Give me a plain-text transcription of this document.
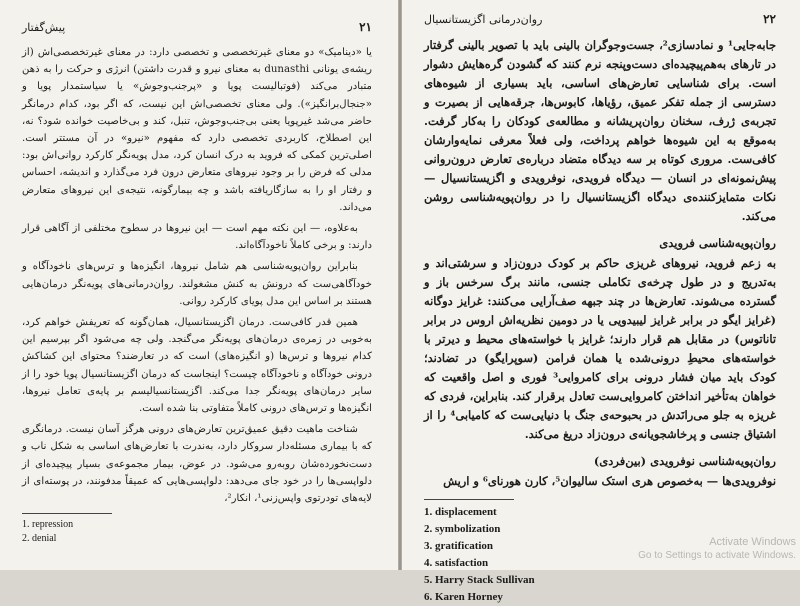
پیش‌گفتار	۲۱

یا «دینامیک» دو معنای غیرتخصصی و تخصصی دارد: در معنای غیرتخصصی‌اش (از ریشه‌ی یونانی dunasthi به معنای نیرو و قدرت داشتن) انرژی و حرکت را به ذهن متبادر می‌کند (فوتبالیست پویا و «پرجنب‌وجوش» یا سیاستمدار پویا و «جنجال‌برانگیز»). ولی معنای تخصصی‌اش این نیست، که اگر بود، کدام درمانگر حاضر می‌شد غیرپویا یعنی بی‌جنب‌وجوش، تنبل، کند و بی‌خاصیت خوانده شود؟ نه، این اصطلاح، کاربردی تخصصی دارد که مفهوم «نیرو» در آن مستتر است. اصلی‌ترین کمکی که فروید به درک انسان کرد، مدل پویه‌نگر کارکرد روانی‌اش بود: مدلی که فرض را بر وجود نیروهای متعارض درون فرد می‌گذارد و اندیشه، احساس و رفتار او را به سازگاریافته باشد و چه بیمارگونه، نتیجه‌ی این نیروهای متعارض می‌داند.

به‌علاوه، — این نکته مهم است — این نیروها در سطوح مختلفی از آگاهی قرار دارند: و برخی کاملاً ناخودآگاه‌اند.

بنابراین روان‌پویه‌شناسی هم شامل نیروها، انگیزه‌ها و ترس‌های ناخودآگاه و خودآگاهی‌ست که درونش به کنش مشغولند. روان‌درمانی‌های پویه‌نگر درمان‌هایی هستند بر اساس این مدل پویای کارکرد روانی.

همین قدر کافی‌ست. درمان اگزیستانسیال، همان‌گونه که تعریفش خواهم کرد، به‌خوبی در زمره‌ی درمان‌های پویه‌نگر می‌گنجد. ولی چه می‌شود اگر بپرسیم این کدام نیروها و ترس‌ها (و انگیزه‌های) است که در تعارضند؟ محتوای این کشاکش درونی خودآگاه و ناخودآگاه چیست؟ اینجاست که درمان اگزیستانسیال پویا خود را از سایر درمان‌های پویه‌نگر جدا می‌کند. اگزیستانسیالیسم بر پایه‌ی تعامل نیروها، انگیزه‌ها و ترس‌های درونی کاملاً متفاوتی بنا شده است.

شناخت ماهیت دقیق عمیق‌ترین تعارض‌های درونی هرگز آسان نیست. درمانگری که با بیماری مسئله‌دار سروکار دارد، به‌ندرت با تعارض‌های اساسی به شکل ناب و دست‌نخورده‌شان روبه‌رو می‌شود. در عوض، بیمار مجموعه‌ی بسیار پیچیده‌ای از دلواپسی‌ها را در خود جای می‌دهد: دلواپسی‌هایی که عمیقاً مدفونند، در پوسته‌ای از لایه‌های تودرتوی واپس‌زنی¹، انکار²،

1. repression
2. denial
روان‌درمانی اگزیستانسیال	۲۲

جابه‌جایی¹ و نمادسازی²، جست‌وجوگران بالینی باید با تصویر بالینی گرفتار در تارهای به‌هم‌پیچیده‌ای دست‌وپنجه نرم کنند که گشودن گره‌هایش دشوار است. برای شناسایی تعارض‌های اساسی، باید بسیاری از شیوه‌های دسترسی از جمله تفکر عمیق، رؤیاها، کابوس‌ها، جرقه‌هایی از بصیرت و تجربه‌ی ژرف، سخنان روان‌پریشانه و مطالعه‌ی کودکان را به‌کار گرفت. به‌موقع به این شیوه‌ها خواهم پرداخت، ولی فعلاً معرفی نمایه‌وارشان کافی‌ست. مروری کوتاه بر سه دیدگاه متضاد درباره‌ی تعارض درون‌روانی پیش‌نمونه‌ای در انسان — دیدگاه فرویدی، نوفرویدی و اگزیستانسیال — نکات متمایزکننده‌ی دیدگاه اگزیستانسیال را در روان‌پویه‌شناسی روشن می‌کند.

روان‌پویه‌شناسی فرویدی

به زعم فروید، نیروهای غریزی حاکم بر کودک درون‌زاد و سرشتی‌اند و به‌تدریج و در طول چرخه‌ی تکاملی جنسی، مانند برگ سرخس باز و گسترده می‌شوند. تعارض‌ها در چند جبهه صف‌آرایی می‌کنند: غرایز دوگانه (غرایز ایگو در برابر غرایز لیبیدویی یا در دومین نظریه‌اش اروس در برابر تاناتوس) در مقابل هم قرار دارند؛ غرایز با خواسته‌های محیط و دیرتر با خواسته‌های محیطِ درونی‌شده یا همان فرامن (سوپرایگو) در تضادند؛ کودک باید میان فشار درونی برای کامروایی³ فوری و اصل واقعیت که خواهان به‌تأخیر انداختن کامروایی‌ست تعادل برقرار کند. بنابراین، فردی که غریزه به جلو می‌رانَدش در بحبوحه‌ی جنگ با دنیایی‌ست که کامیابی⁴ را از اشتیاق جنسی و پرخاشجویانه‌ی درون‌زاد دریغ می‌کند.

روان‌پویه‌شناسی نوفرویدی (بین‌فردی)

نوفرویدی‌ها — به‌خصوص هری استک سالیوان⁵، کارن هورنای⁶ و اریش

1. displacement
2. symbolization
3. gratification
4. satisfaction
5. Harry Stack Sullivan
6. Karen Horney
Activate Windows
Go to Settings to activate Windows.
